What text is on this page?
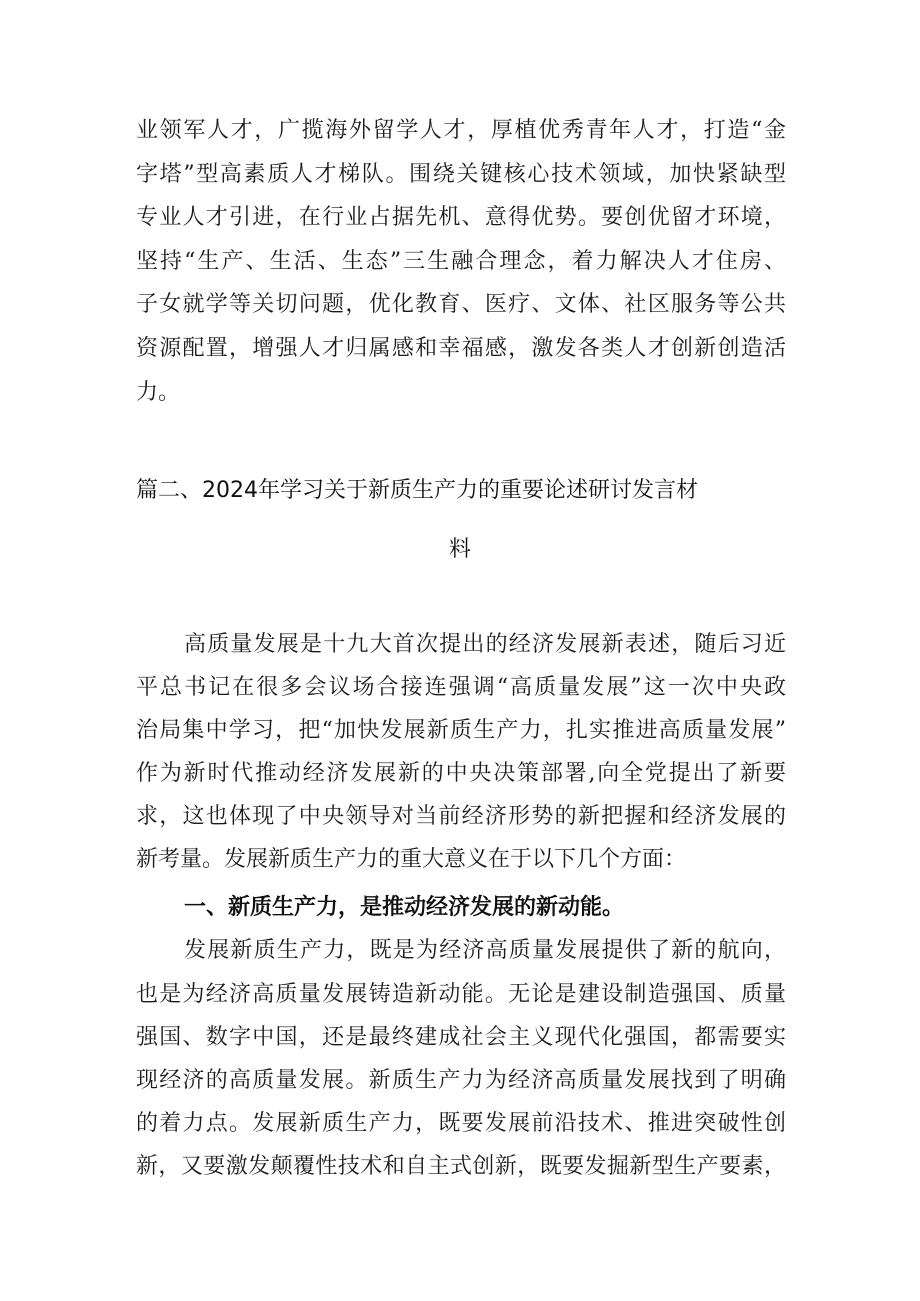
业领军人才，广揽海外留学人才，厚植优秀青年人才，打造“金
字塔”型高素质人才梯队。围绕关键核心技术领域，加快紧缺型
专业人才引进，在行业占据先机、意得优势。要创优留才环境，
坚持“生产、生活、生态”三生融合理念，着力解决人才住房、
子女就学等关切问题，优化教育、医疗、文体、社区服务等公共
资源配置，增强人才归属感和幸福感，激发各类人才创新创造活
力。
篇二、2024年学习关于新质生产力的重要论述研讨发言材
料
高质量发展是十九大首次提出的经济发展新表述，随后习近
平总书记在很多会议场合接连强调“高质量发展”这一次中央政
治局集中学习，把“加快发展新质生产力，扎实推进高质量发展”
作为新时代推动经济发展新的中央决策部署,向全党提出了新要
求，这也体现了中央领导对当前经济形势的新把握和经济发展的
新考量。发展新质生产力的重大意义在于以下几个方面：
一、新质生产力，是推动经济发展的新动能。
发展新质生产力，既是为经济高质量发展提供了新的航向，
也是为经济高质量发展铸造新动能。无论是建设制造强国、质量
强国、数字中国，还是最终建成社会主义现代化强国，都需要实
现经济的高质量发展。新质生产力为经济高质量发展找到了明确
的着力点。发展新质生产力，既要发展前沿技术、推进突破性创
新，又要激发颠覆性技术和自主式创新，既要发掘新型生产要素，
